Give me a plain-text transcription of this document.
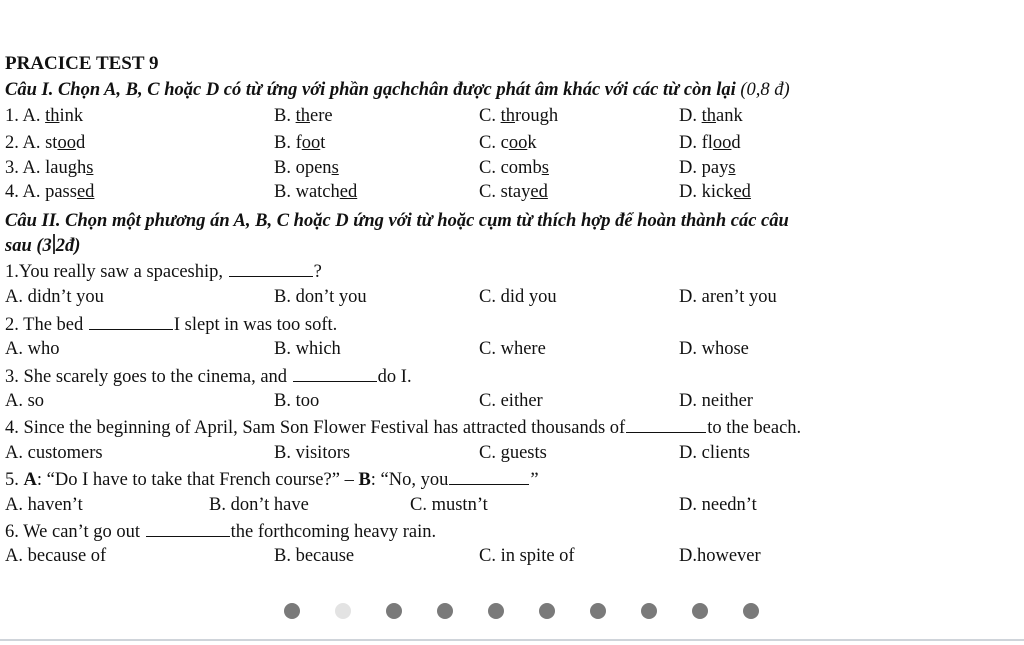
PRACICE TEST 9
Câu I. Chọn A, B, C hoặc D có từ ứng với phần gạchchân được phát âm khác với các từ còn lại (0,8 đ)
1. A. think	B. there	C. through	D. thank
2. A. stood	B. foot	C. cook	D. flood
3. A. laughs	B. opens	C. combs	D. pays
4. A. passed	B. watched	C. stayed	D. kicked
Câu II. Chọn một phương án A, B, C hoặc D ứng với từ hoặc cụm từ thích hợp để hoàn thành các câu
sau (3 2đ)
1.You really saw a spaceship,	?
A. didn’t you	B. don’t you	C. did you	D. aren’t you
2. The bed	I slept in was too soft.
A. who	B. which	C. where	D. whose
3. She scarely goes to the cinema, and	do I.
A. so	B. too	C. either	D. neither
4. Since the beginning of April, Sam Son Flower Festival has attracted thousands of	to the beach.
A. customers	B. visitors	C. guests	D. clients
5. A: “Do I have to take that French course?” – B: “No, you	”
A. haven’t	B. don’t have	C. mustn’t	D. needn’t
6. We can’t go out	the forthcoming heavy rain.
A. because of	B. because	C. in spite of	D.however
